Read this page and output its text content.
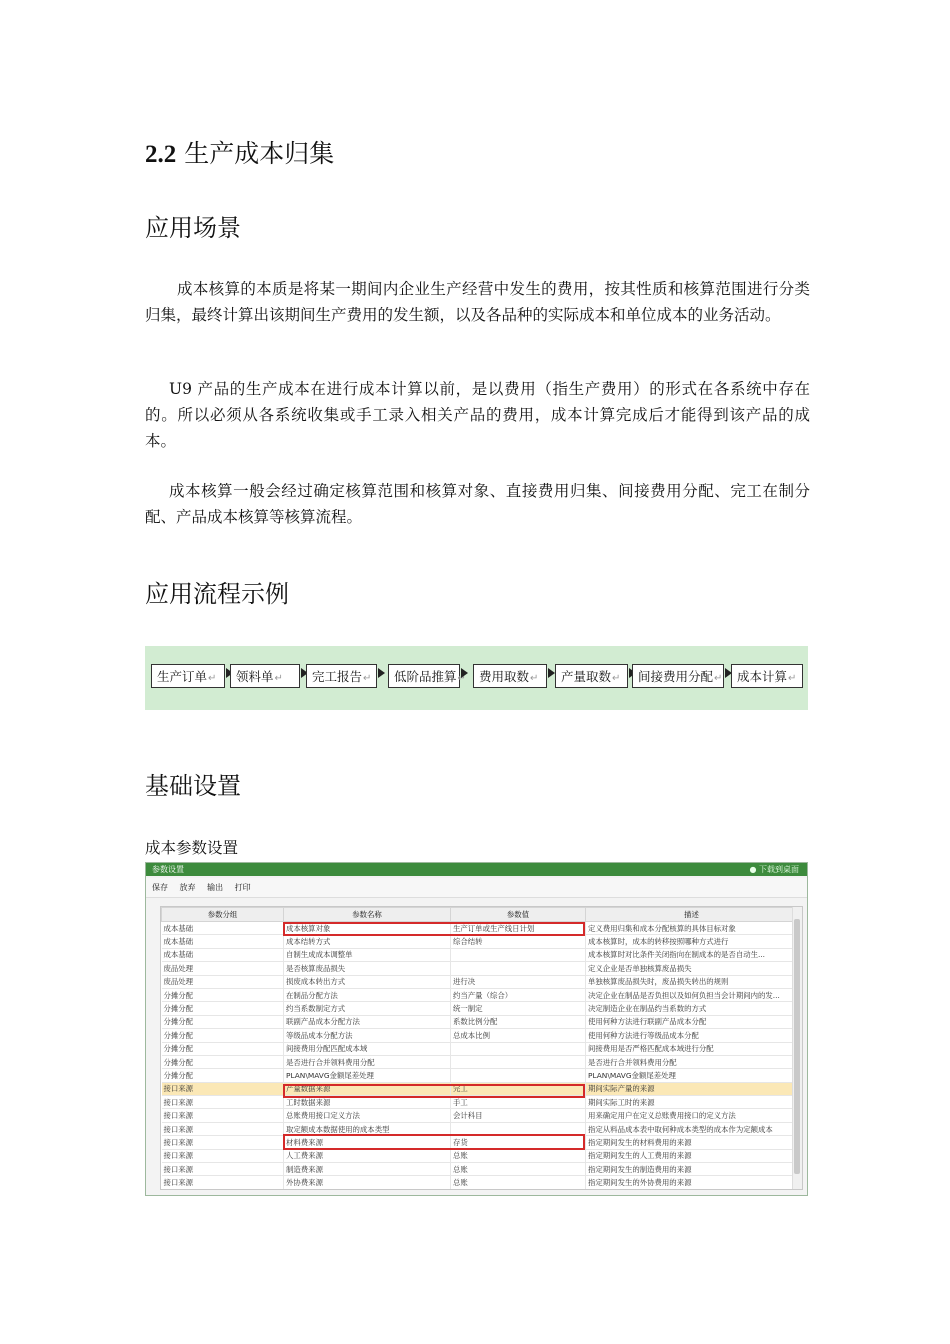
2.2 生产成本归集
应用场景
成本核算的本质是将某一期间内企业生产经营中发生的费用，按其性质和核算范围进行分类归集，最终计算出该期间生产费用的发生额，以及各品种的实际成本和单位成本的业务活动。
U9 产品的生产成本在进行成本计算以前，是以费用（指生产费用）的形式在各系统中存在的。所以必须从各系统收集或手工录入相关产品的费用，成本计算完成后才能得到该产品的成本。
成本核算一般会经过确定核算范围和核算对象、直接费用归集、间接费用分配、完工在制分配、产品成本核算等核算流程。
应用流程示例
生产订单↵	领料单↵	完工报告↵	低阶品推算↵	费用取数↵	产量取数↵	间接费用分配↵	成本计算↵
基础设置
成本参数设置
参数设置	● 下载到桌面
保存 放弃 输出 打印
参数分组	参数名称	参数值	描述	
成本基础	成本核算对象	生产订单或生产线日计划	定义费用归集和成本分配核算的具体目标对象	
成本基础	成本结转方式	综合结转	成本核算时，成本的转移按照哪种方式进行	
成本基础	自制生成成本调整单		成本核算时对比条件关闭指向在制成本的是否自动生...	
废品处理	是否核算废品损失		定义企业是否单独核算废品损失	
废品处理	损废成本转出方式	进行决	单独核算废品损失时，废品损失转出的规则	
分摊分配	在制品分配方法	约当产量（综合）	决定企业在制品是否负担以及如何负担当会计期间内的发...	
分摊分配	约当系数制定方式	统一制定	决定制造企业在制品约当系数的方式	
分摊分配	联副产品成本分配方法	系数比例分配	使用何种方法进行联副产品成本分配	
分摊分配	等级品成本分配方法	总成本比例	使用何种方法进行等级品成本分配	
分摊分配	间接费用分配匹配成本域		间接费用是否严格匹配成本域进行分配	
分摊分配	是否进行合并领料费用分配		是否进行合并领料费用分配	
分摊分配	PLAN\MAVG金额尾差处理		PLAN\MAVG金额尾差处理	
接口来源	产量数据来源	完工	期间实际产量的来源	
接口来源	工时数据来源	手工	期间实际工时的来源	
接口来源	总账费用接口定义方法	会计科目	用来确定用户在定义总账费用接口的定义方法	
接口来源	取定额成本数据使用的成本类型		指定从料品成本表中取何种成本类型的成本作为定额成本	
接口来源	材料费来源	存货	指定期间发生的材料费用的来源	
接口来源	人工费来源	总账	指定期间发生的人工费用的来源	
接口来源	制造费来源	总账	指定期间发生的制造费用的来源	
接口来源	外协费来源	总账	指定期间发生的外协费用的来源	
